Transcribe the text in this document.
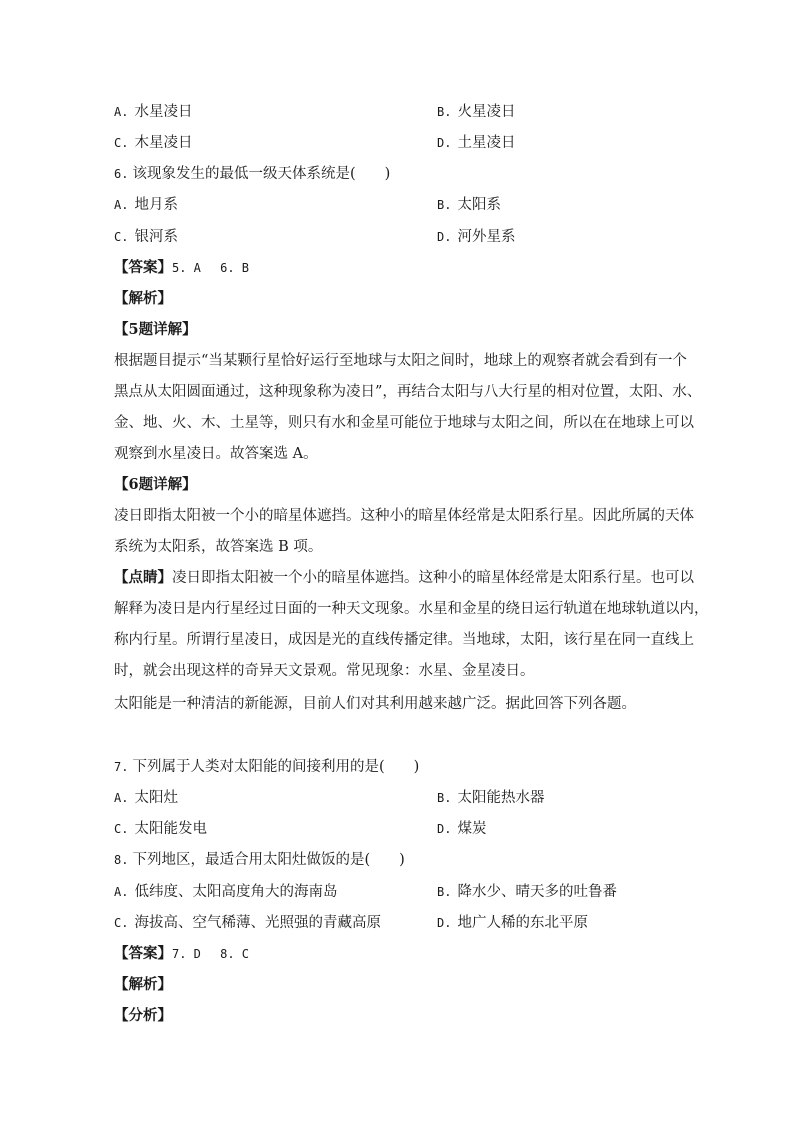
A. 水星凌日	B. 火星凌日
C. 木星凌日	D. 土星凌日
6. 该现象发生的最低一级天体系统是(　　)
A. 地月系	B. 太阳系
C. 银河系	D. 河外星系
【答案】5. A　 6. B
【解析】
【5题详解】
根据题目提示“当某颗行星恰好运行至地球与太阳之间时，地球上的观察者就会看到有一个
黑点从太阳圆面通过，这种现象称为凌日”，再结合太阳与八大行星的相对位置，太阳、水、
金、地、火、木、土星等，则只有水和金星可能位于地球与太阳之间，所以在在地球上可以
观察到水星凌日。故答案选 A。
【6题详解】
凌日即指太阳被一个小的暗星体遮挡。这种小的暗星体经常是太阳系行星。因此所属的天体
系统为太阳系，故答案选 B 项。
【点睛】凌日即指太阳被一个小的暗星体遮挡。这种小的暗星体经常是太阳系行星。也可以
解释为凌日是内行星经过日面的一种天文现象。水星和金星的绕日运行轨道在地球轨道以内，
称内行星。所谓行星凌日，成因是光的直线传播定律。当地球，太阳，该行星在同一直线上
时，就会出现这样的奇异天文景观。常见现象：水星、金星凌日。
太阳能是一种清洁的新能源，目前人们对其利用越来越广泛。据此回答下列各题。
7. 下列属于人类对太阳能的间接利用的是(　　)
A. 太阳灶	B. 太阳能热水器
C. 太阳能发电	D. 煤炭
8. 下列地区，最适合用太阳灶做饭的是(　　)
A. 低纬度、太阳高度角大的海南岛	B. 降水少、晴天多的吐鲁番
C. 海拔高、空气稀薄、光照强的青藏高原	D. 地广人稀的东北平原
【答案】7. D　 8. C
【解析】
【分析】
